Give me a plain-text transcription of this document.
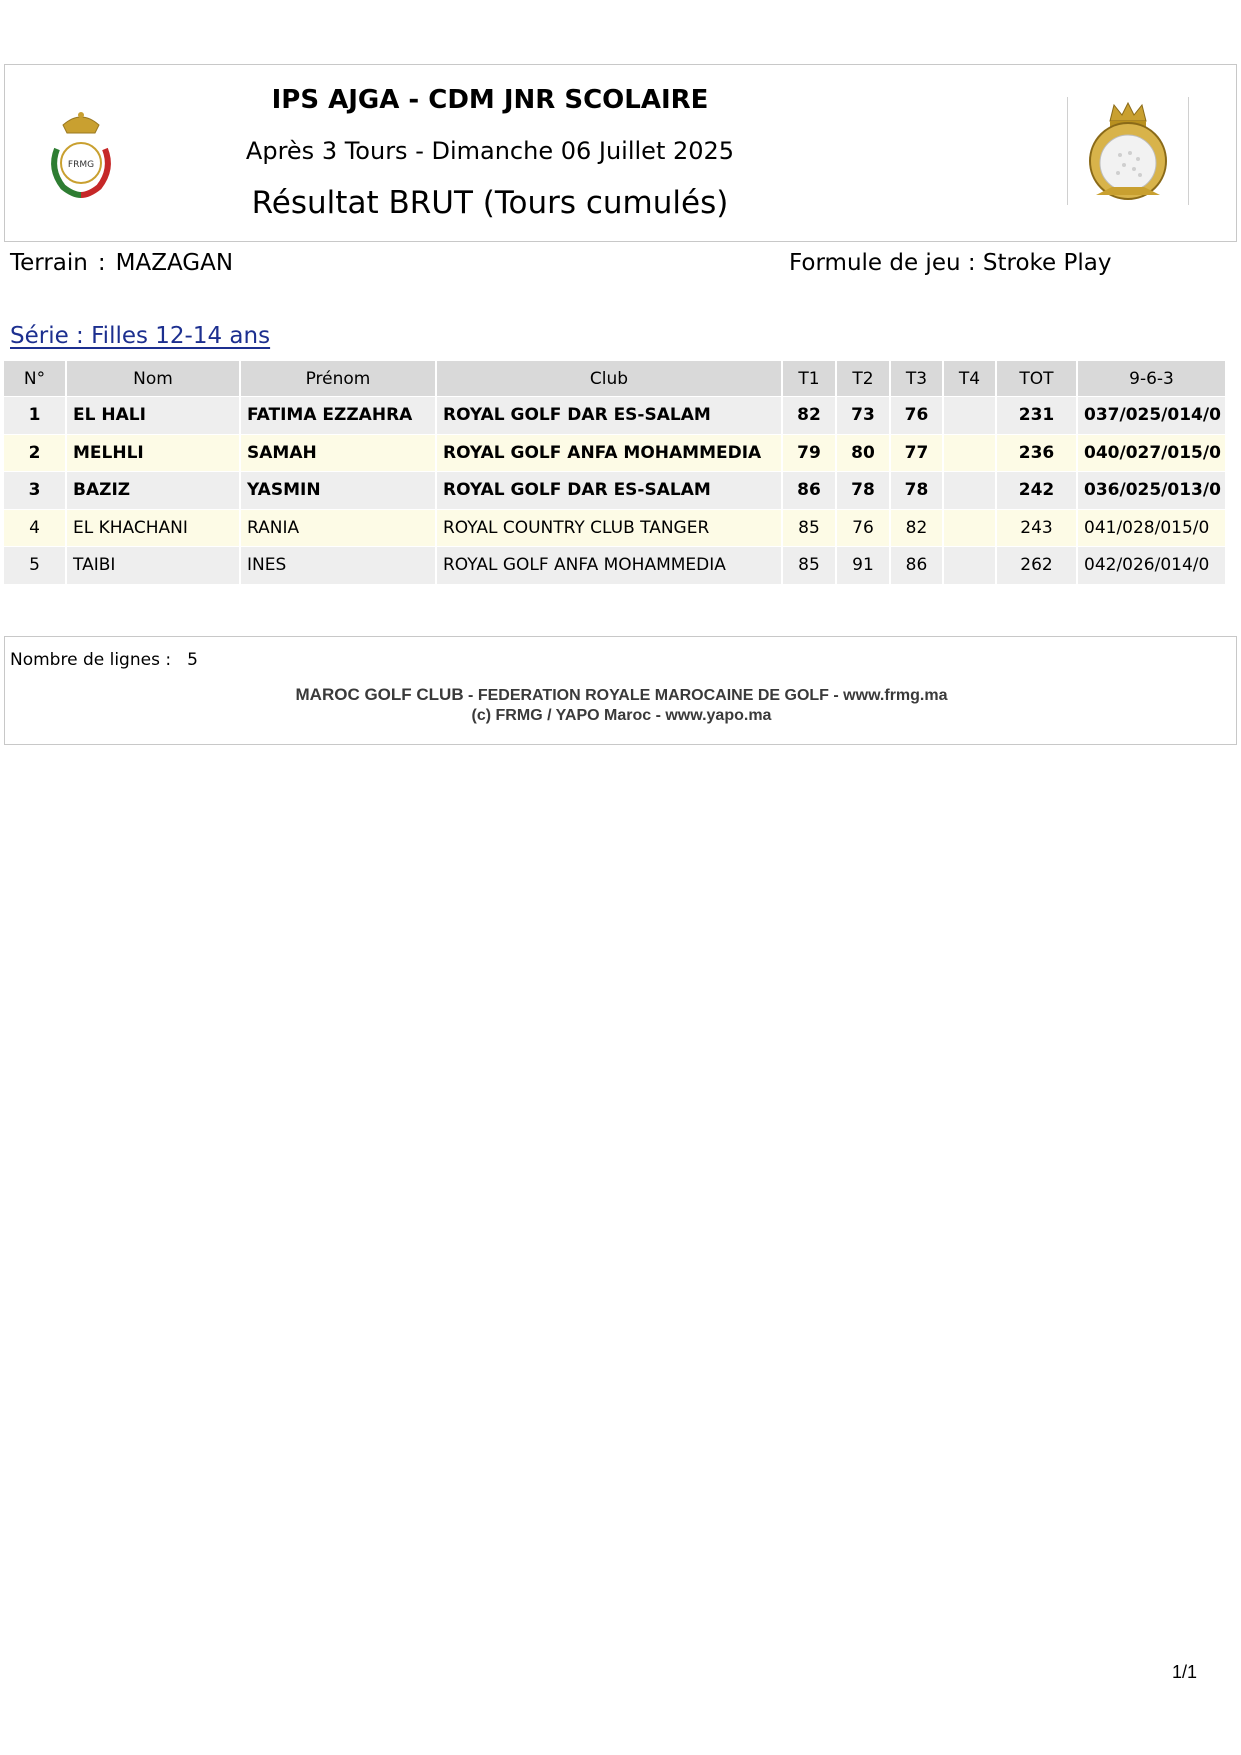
FRMG
IPS AJGA - CDM JNR SCOLAIRE
Après 3 Tours - Dimanche 06 Juillet 2025
Résultat BRUT (Tours cumulés)
Terrain : MAZAGAN	Formule de jeu : Stroke Play
Série : Filles 12-14 ans
N°	Nom	Prénom	Club	T1	T2	T3	T4	TOT	9-6-3
1	EL HALI	FATIMA EZZAHRA	ROYAL GOLF DAR ES-SALAM	82	73	76		231	037/025/014/0
2	MELHLI	SAMAH	ROYAL GOLF ANFA MOHAMMEDIA	79	80	77		236	040/027/015/0
3	BAZIZ	YASMIN	ROYAL GOLF DAR ES-SALAM	86	78	78		242	036/025/013/0
4	EL KHACHANI	RANIA	ROYAL COUNTRY CLUB TANGER	85	76	82		243	041/028/015/0
5	TAIBI	INES	ROYAL GOLF ANFA MOHAMMEDIA	85	91	86		262	042/026/014/0
Nombre de lignes : 5
MAROC GOLF CLUB - FEDERATION ROYALE MAROCAINE DE GOLF - www.frmg.ma
(c) FRMG / YAPO Maroc - www.yapo.ma
1/1
